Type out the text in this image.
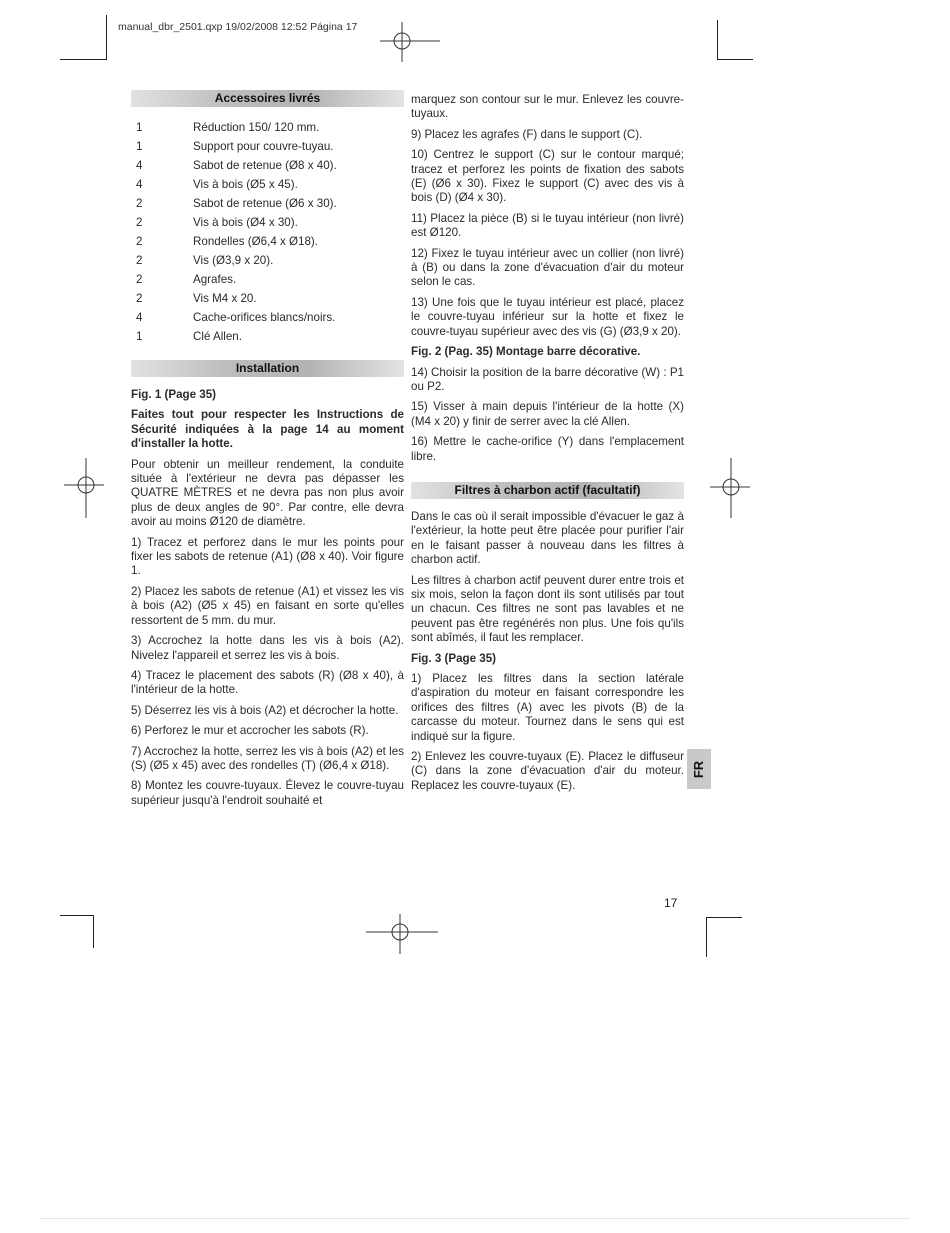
manual_dbr_2501.qxp 19/02/2008 12:52 Página 17
Accessoires livrés
1	Réduction 150/ 120 mm.
1	Support pour couvre-tuyau.
4	Sabot de retenue (Ø8 x 40).
4	Vis à bois (Ø5 x 45).
2	Sabot de retenue (Ø6 x 30).
2	Vis à bois (Ø4 x 30).
2	Rondelles (Ø6,4 x Ø18).
2	Vis (Ø3,9 x 20).
2	Agrafes.
2	Vis M4 x 20.
4	Cache-orifices blancs/noirs.
1	Clé Allen.
Installation
Fig. 1 (Page 35)
Faites tout pour respecter les Instructions de Sécurité indiquées à la page 14 au moment d'installer la hotte.

Pour obtenir un meilleur rendement, la conduite située à l'extérieur ne devra pas dépasser les QUATRE MÈTRES et ne devra pas non plus avoir plus de deux angles de 90°. Par contre, elle devra avoir au moins Ø120 de diamètre.

1) Tracez et perforez dans le mur les points pour fixer les sabots de retenue (A1) (Ø8 x 40). Voir figure 1.

2) Placez les sabots de retenue (A1) et vissez les vis à bois (A2) (Ø5 x 45) en faisant en sorte qu'elles ressortent de 5 mm. du mur.

3) Accrochez la hotte dans les vis à bois (A2). Nivelez l'appareil et serrez les vis à bois.

4) Tracez le placement des sabots (R) (Ø8 x 40), à l'intérieur de la hotte.

5) Déserrez les vis à bois (A2) et décrocher la hotte.

6) Perforez le mur et accrocher les sabots (R).

7) Accrochez la hotte, serrez les vis à bois (A2) et les (S) (Ø5 x 45) avec des rondelles (T) (Ø6,4 x Ø18).

8) Montez les couvre-tuyaux. Élevez le couvre-tuyau supérieur jusqu'à l'endroit souhaité et

marquez son contour sur le mur. Enlevez les couvre-tuyaux.

9) Placez les agrafes (F) dans le support (C).

10) Centrez le support (C) sur le contour marqué; tracez et perforez les points de fixation des sabots (E) (Ø6 x 30). Fixez le support (C) avec des vis à bois (D) (Ø4 x 30).

11) Placez la pièce (B) si le tuyau intérieur (non livré) est Ø120.

12) Fixez le tuyau intérieur avec un collier (non livré) à (B) ou dans la zone d'évacuation d'air du moteur selon le cas.

13) Une fois que le tuyau intérieur est placé, placez le couvre-tuyau inférieur sur la hotte et fixez le couvre-tuyau supérieur avec des vis (G) (Ø3,9 x 20).

Fig. 2 (Pag. 35) Montage barre décorative.

14) Choisir la position de la barre décorative (W) : P1 ou P2.

15) Visser à main depuis l'intérieur de la hotte (X) (M4 x 20) y finir de serrer avec la clé Allen.

16) Mettre le cache-orifice (Y) dans l'emplacement libre.

Filtres à charbon actif (facultatif)

Dans le cas où il serait impossible d'évacuer le gaz à l'extérieur, la hotte peut être placée pour purifier l'air en le faisant passer à nouveau dans les filtres à charbon actif.

Les filtres à charbon actif peuvent durer entre trois et six mois, selon la façon dont ils sont utilisés par tout un chacun. Ces filtres ne sont pas lavables et ne peuvent pas être regénérés non plus. Une fois qu'ils sont abîmés, il faut les remplacer.

Fig. 3 (Page 35)

1) Placez les filtres dans la section latérale d'aspiration du moteur en faisant correspondre les orifices des filtres (A) avec les pivots (B) de la carcasse du moteur. Tournez dans le sens qui est indiqué sur la figure.

2) Enlevez les couvre-tuyaux (E). Placez le diffuseur (C) dans la zone d'évacuation d'air du moteur. Replacez les couvre-tuyaux (E).

FR
17
